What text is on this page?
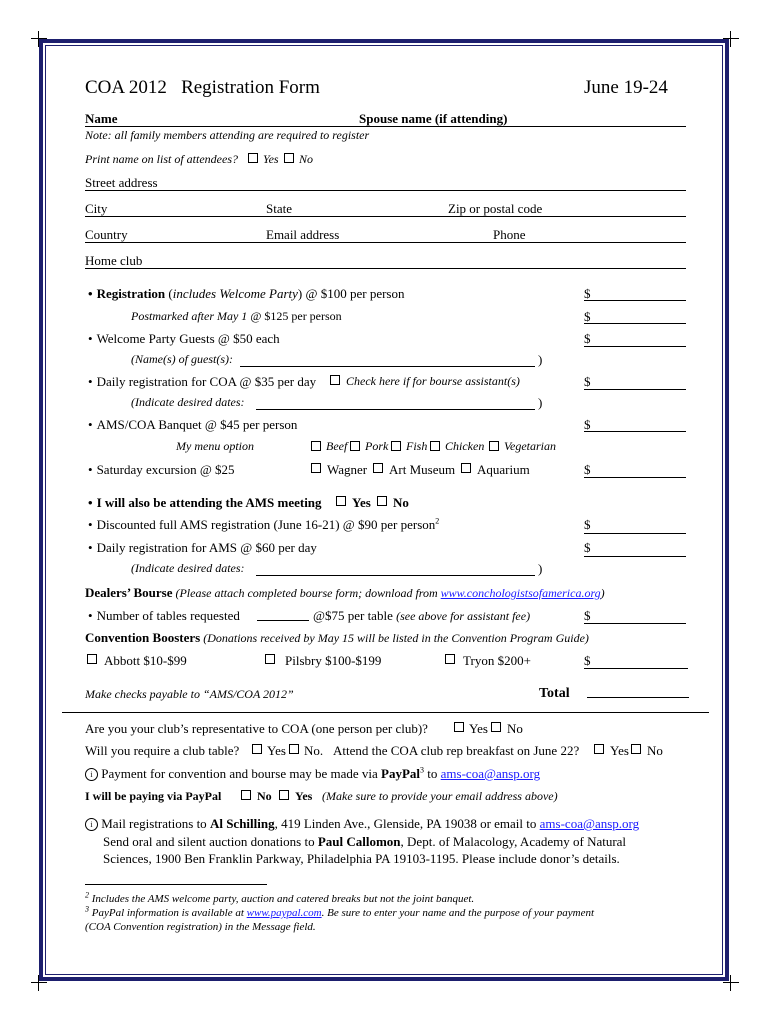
COA 2012   Registration Form	June 19-24
Name	Spouse name (if attending)
Note: all family members attending are required to register
Print name on list of attendees? Yes No
Street address
City	State	Zip or postal code
Country	Email address	Phone
Home club
• Registration (includes Welcome Party) @ $100 per person	$
Postmarked after May 1 @ $125 per person	$
• Welcome Party Guests @ $50 each	$
(Name(s) of guest(s):	)
• Daily registration for COA @ $35 per day Check here if for bourse assistant(s)	$
(Indicate desired dates:	)
• AMS/COA Banquet @ $45 per person	$
My menu option	Beef Pork Fish Chicken Vegetarian
• Saturday excursion @ $25	Wagner Art Museum Aquarium	$
• I will also be attending the AMS meeting Yes No
• Discounted full AMS registration (June 16-21) @ $90 per person$^2$	$
• Daily registration for AMS @ $60 per day	$
(Indicate desired dates:	)
Dealers’ Bourse (Please attach completed bourse form; download from www.conchologistsofamerica.org)
• Number of tables requested	@$75 per table (see above for assistant fee)	$
Convention Boosters (Donations received by May 15 will be listed in the Convention Program Guide)
Abbott $10-$99	Pilsbry $100-$199	Tryon $200+	$
Make checks payable to “AMS/COA 2012”	Total
Are you your club’s representative to COA (one person per club)?	Yes No
Will you require a club table? Yes No. Attend the COA club rep breakfast on June 22? Yes No
i Payment for convention and bourse may be made via PayPal$^3$ to ams-coa@ansp.org
I will be paying via PayPal	No Yes (Make sure to provide your email address above)
i Mail registrations to Al Schilling, 419 Linden Ave., Glenside, PA 19038 or email to ams-coa@ansp.org
Send oral and silent auction donations to Paul Callomon, Dept. of Malacology, Academy of Natural
Sciences, 1900 Ben Franklin Parkway, Philadelphia PA 19103-1195. Please include donor’s details.
$^2$ Includes the AMS welcome party, auction and catered breaks but not the joint banquet.
$^3$ PayPal information is available at www.paypal.com. Be sure to enter your name and the purpose of your payment
(COA Convention registration) in the Message field.
